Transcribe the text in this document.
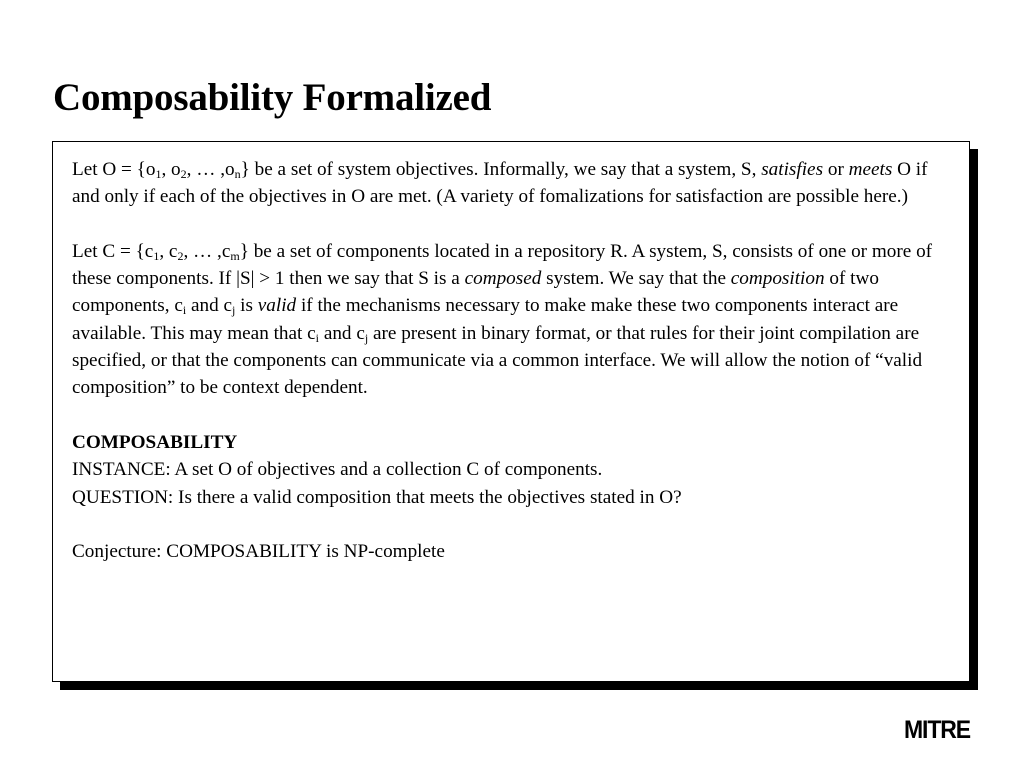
Composability Formalized

Let $O = \{o_1$, $o_2$, … $,o_n$} be a set of system objectives. Informally, we say that a system, S, satisfies or meets O if and only if each of the objectives in O are met. (A variety of fomalizations for satisfaction are possible here.)

Let $C = \{c_1$, $c_2$, … $,c_m$} be a set of components located in a repository R. A system, S, consists of one or more of these components. If |S| > 1 then we say that S is a composed system. We say that the composition of two components, $c_i$ and $c_j$ is valid if the mechanisms necessary to make make these two components interact are available. This may mean that $c_i$ and $c_j$ are present in binary format, or that rules for their joint compilation are specified, or that the components can communicate via a common interface. We will allow the notion of “valid composition” to be context dependent.

COMPOSABILITY

INSTANCE: A set O of objectives and a collection C of components.

QUESTION: Is there a valid composition that meets the objectives stated in O?

Conjecture: COMPOSABILITY is NP-complete

MITRE
